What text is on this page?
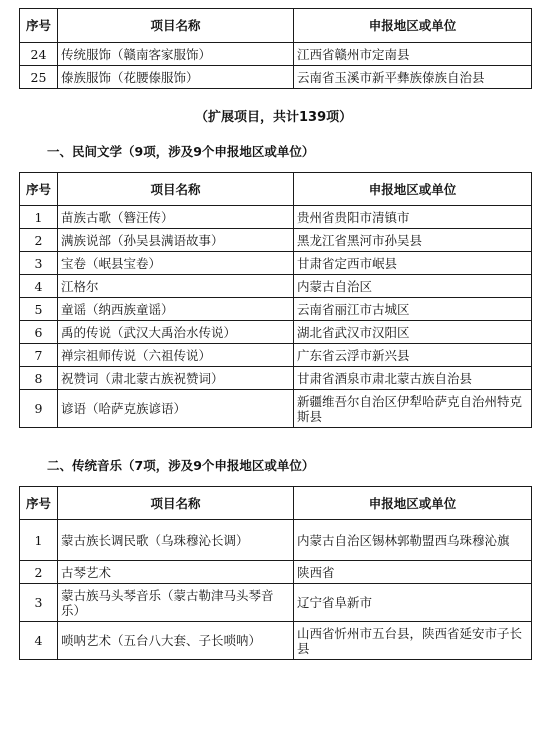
序号	项目名称	申报地区或单位
24	传统服饰（赣南客家服饰）	江西省赣州市定南县
25	傣族服饰（花腰傣服饰）	云南省玉溪市新平彝族傣族自治县
（扩展项目，共计139项）
一、民间文学（9项，涉及9个申报地区或单位）
序号	项目名称	申报地区或单位
1	苗族古歌（簪汪传）	贵州省贵阳市清镇市
2	满族说部（孙吴县满语故事）	黑龙江省黑河市孙吴县
3	宝卷（岷县宝卷）	甘肃省定西市岷县
4	江格尔	内蒙古自治区
5	童谣（纳西族童谣）	云南省丽江市古城区
6	禹的传说（武汉大禹治水传说）	湖北省武汉市汉阳区
7	禅宗祖师传说（六祖传说）	广东省云浮市新兴县
8	祝赞词（肃北蒙古族祝赞词）	甘肃省酒泉市肃北蒙古族自治县
9	谚语（哈萨克族谚语）	新疆维吾尔自治区伊犁哈萨克自治州特克斯县
二、传统音乐（7项，涉及9个申报地区或单位）
序号	项目名称	申报地区或单位
1	蒙古族长调民歌（乌珠穆沁长调）	内蒙古自治区锡林郭勒盟西乌珠穆沁旗
2	古琴艺术	陕西省
3	蒙古族马头琴音乐（蒙古勒津马头琴音乐）	辽宁省阜新市
4	唢呐艺术（五台八大套、子长唢呐）	山西省忻州市五台县，陕西省延安市子长县
